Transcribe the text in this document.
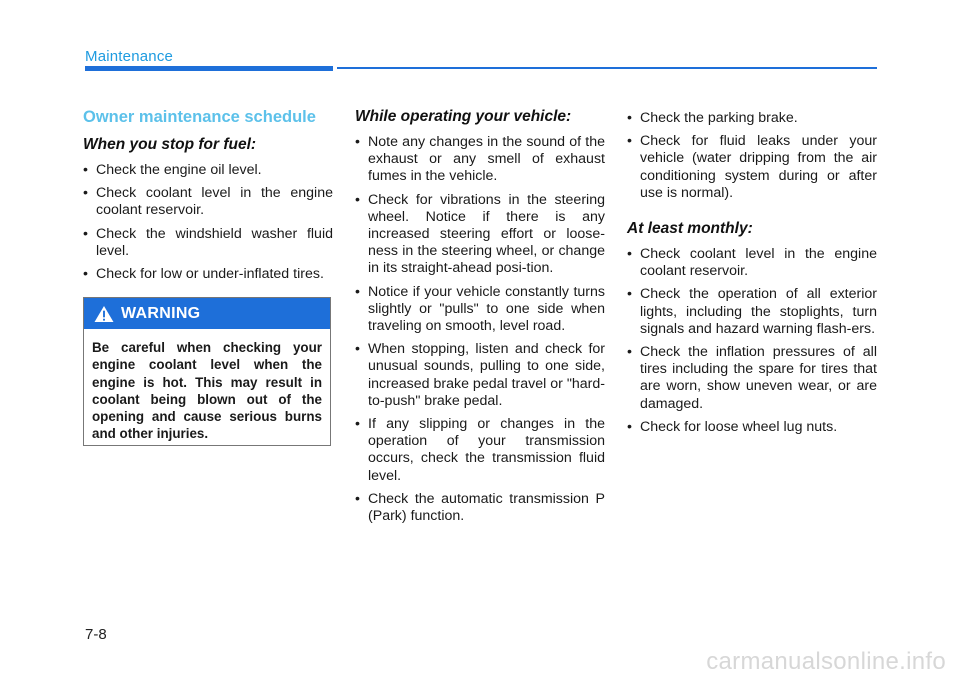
Maintenance
Owner maintenance schedule
When you stop for fuel:
• Check the engine oil level.
• Check coolant level in the engine coolant reservoir.
• Check the windshield washer fluid level.
• Check for low or under-inflated tires.
WARNING
Be careful when checking your engine coolant level when the engine is hot. This may result in coolant being blown out of the opening and cause serious burns and other injuries.
While operating your vehicle:
• Note any changes in the sound of the exhaust or any smell of exhaust fumes in the vehicle.
• Check for vibrations in the steering wheel. Notice if there is any increased steering effort or loose-ness in the steering wheel, or change in its straight-ahead posi-tion.
• Notice if your vehicle constantly turns slightly or "pulls" to one side when traveling on smooth, level road.
• When stopping, listen and check for unusual sounds, pulling to one side, increased brake pedal travel or "hard-to-push" brake pedal.
• If any slipping or changes in the operation of your transmission occurs, check the transmission fluid level.
• Check the automatic transmission P (Park) function.
• Check the parking brake.
• Check for fluid leaks under your vehicle (water dripping from the air conditioning system during or after use is normal).
At least monthly:
• Check coolant level in the engine coolant reservoir.
• Check the operation of all exterior lights, including the stoplights, turn signals and hazard warning flash-ers.
• Check the inflation pressures of all tires including the spare for tires that are worn, show uneven wear, or are damaged.
• Check for loose wheel lug nuts.
7-8
carmanualsonline.info
